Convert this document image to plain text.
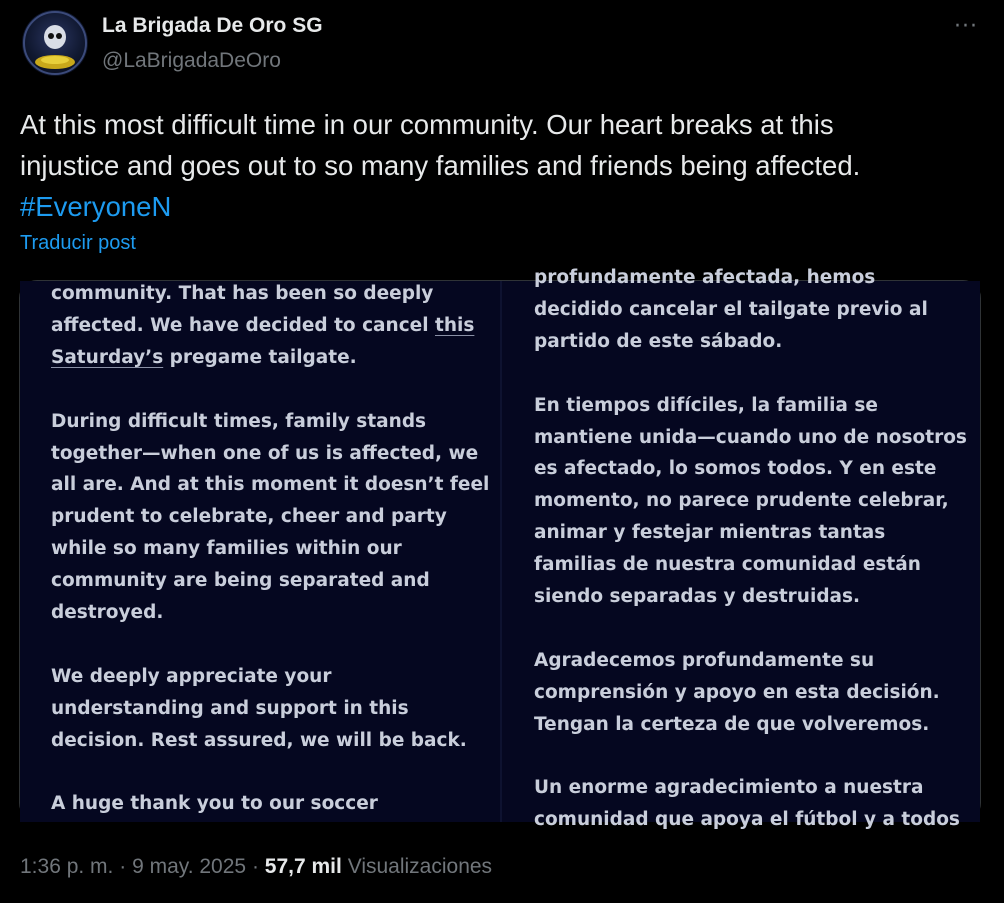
La Brigada De Oro SG
@LaBrigadaDeOro
···
At this most difficult time in our community. Our heart breaks at this
injustice and goes out to so many families and friends being affected.
#EveryoneN
Traducir post
community. That has been so deeply
affected. We have decided to cancel this
Saturday’s pregame tailgate.
During difficult times, family stands
together—when one of us is affected, we
all are. And at this moment it doesn’t feel
prudent to celebrate, cheer and party
while so many families within our
community are being separated and
destroyed.
We deeply appreciate your
understanding and support in this
decision. Rest assured, we will be back.
A huge thank you to our soccer
profundamente afectada, hemos
decidido cancelar el tailgate previo al
partido de este sábado.
En tiempos difíciles, la familia se
mantiene unida—cuando uno de nosotros
es afectado, lo somos todos. Y en este
momento, no parece prudente celebrar,
animar y festejar mientras tantas
familias de nuestra comunidad están
siendo separadas y destruidas.
Agradecemos profundamente su
comprensión y apoyo en esta decisión.
Tengan la certeza de que volveremos.
Un enorme agradecimiento a nuestra
comunidad que apoya el fútbol y a todos
1:36 p. m. · 9 may. 2025 · 57,7 mil Visualizaciones
